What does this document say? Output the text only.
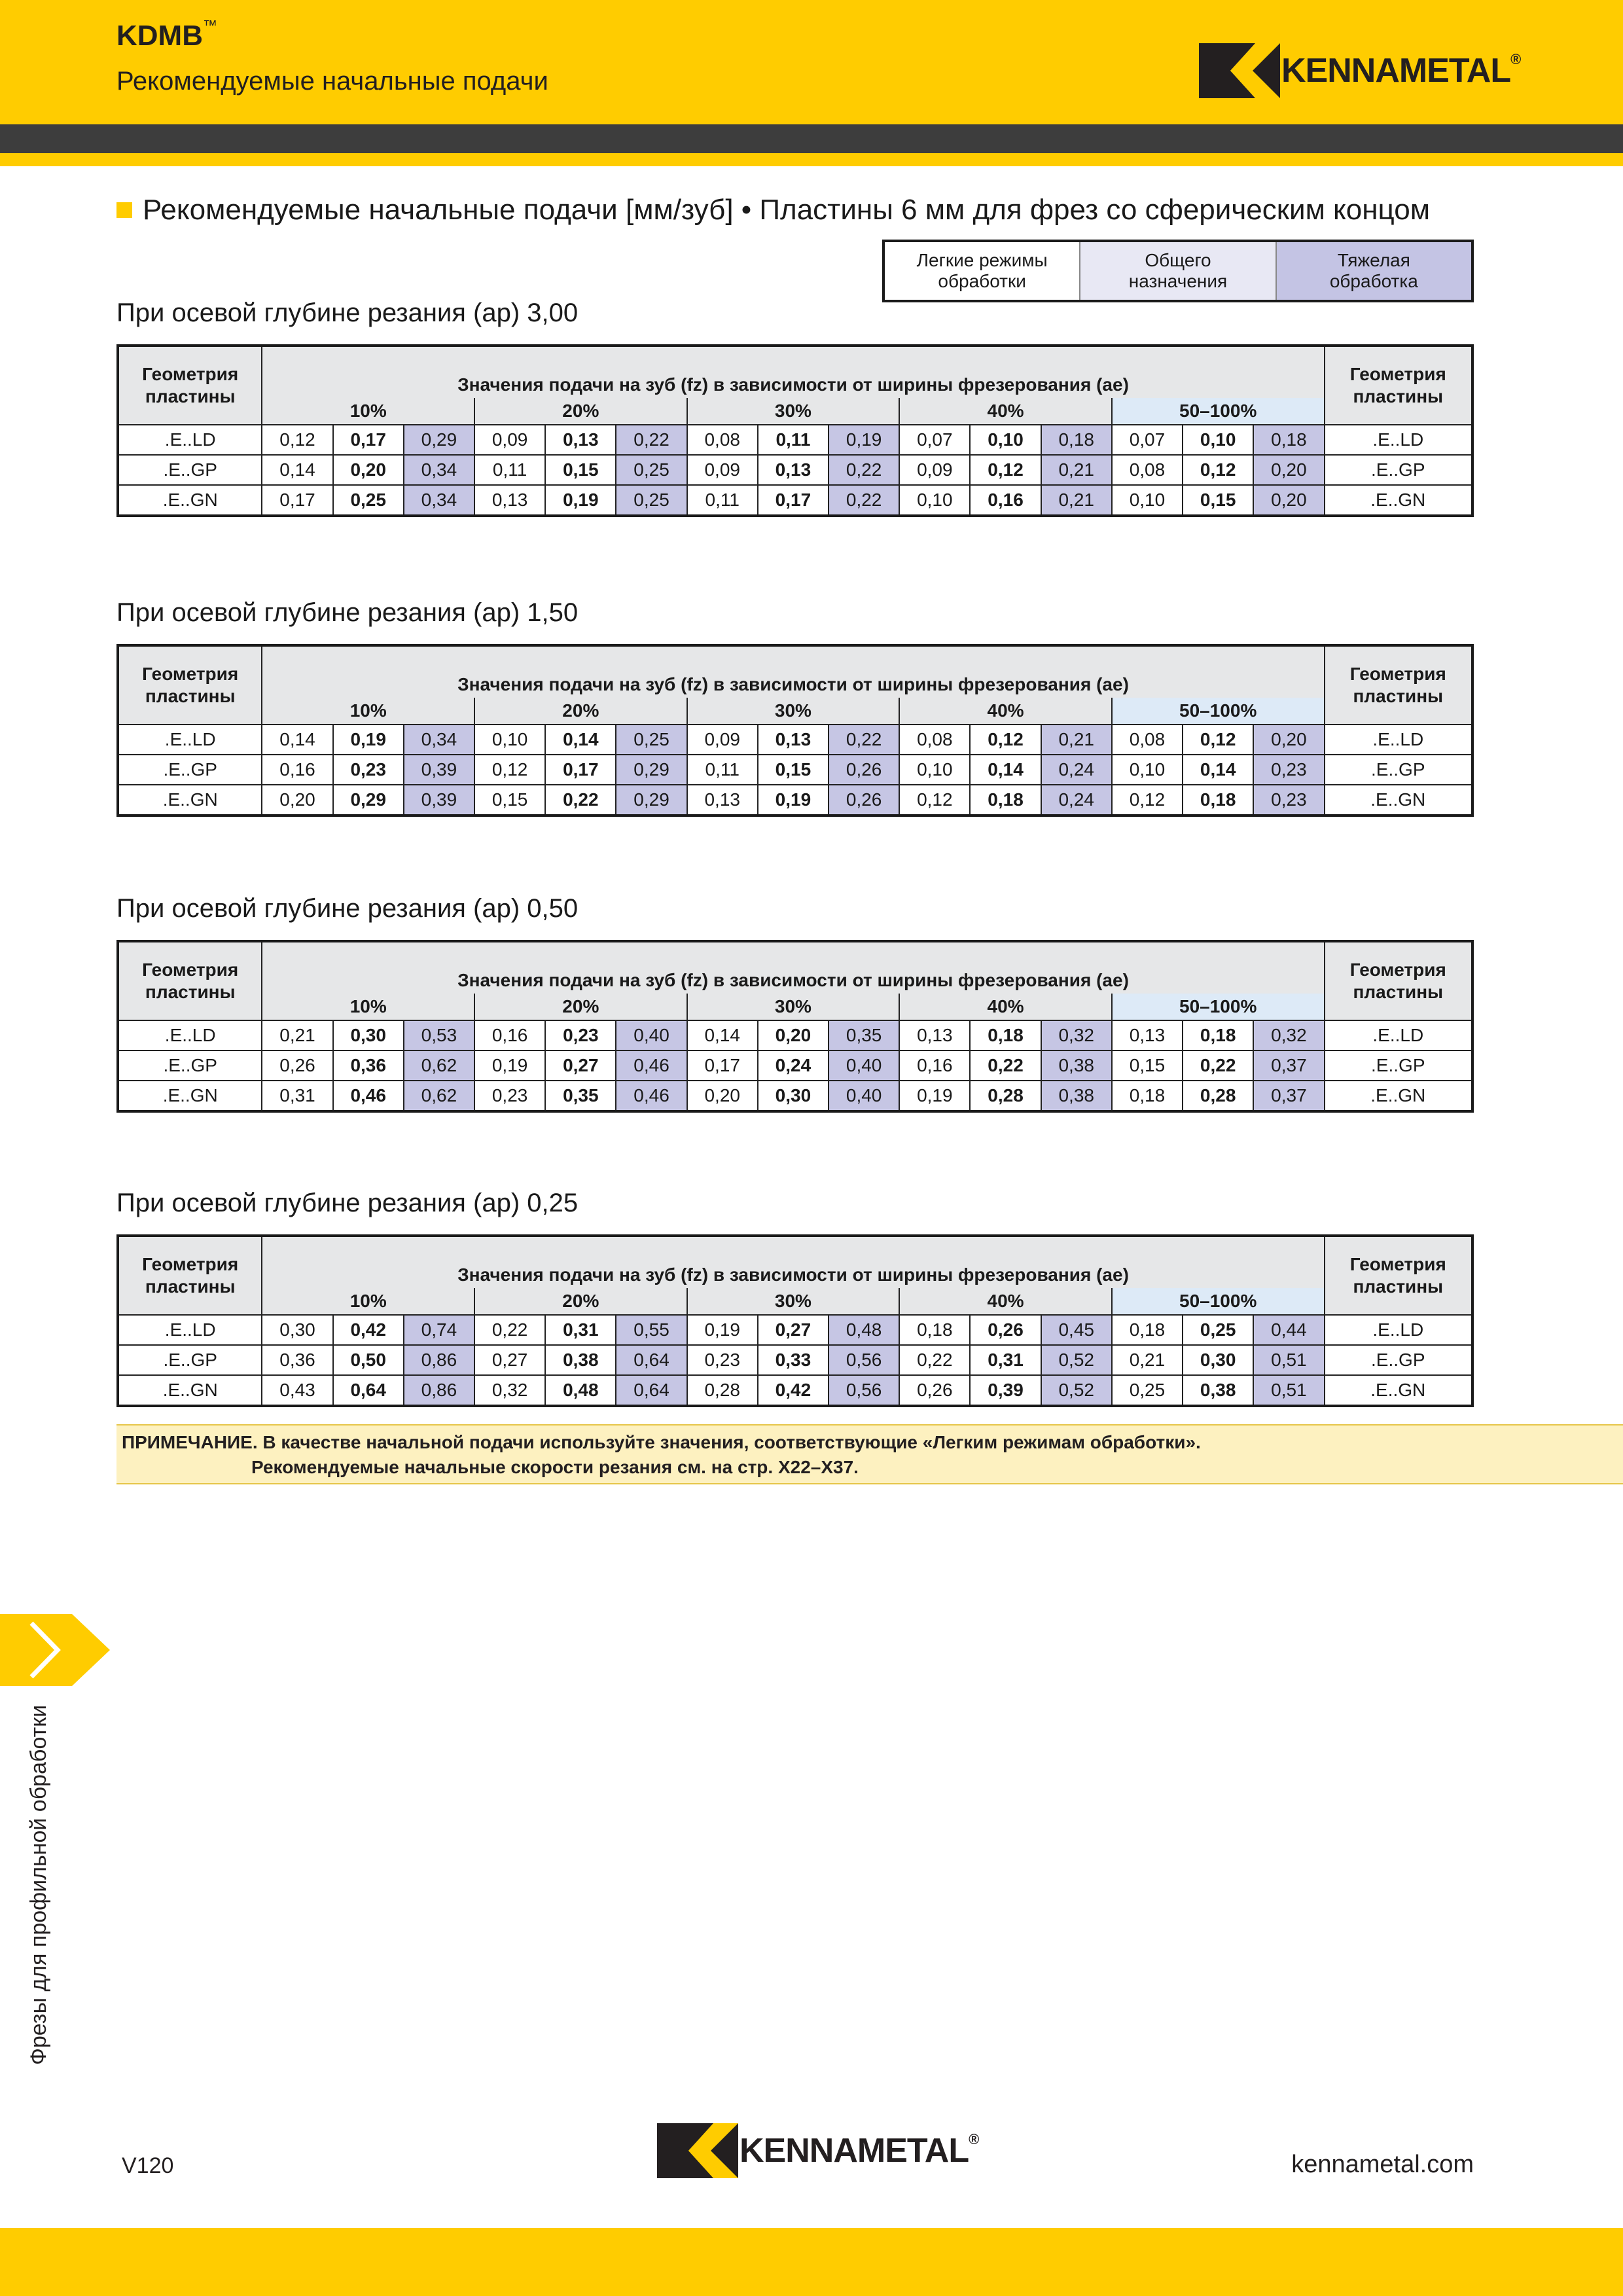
KDMB™
Рекомендуемые начальные подачи	KENNAMETAL®
Рекомендуемые начальные подачи [мм/зуб] • Пластины 6 мм для фрез со сферическим концом
Легкие режимы
обработки
Общего
назначения
Тяжелая
обработка
При осевой глубине резания (ap) 3,00
Геометрия
пластины	Значения подачи на зуб (fz) в зависимости от ширины фрезерования (ae)															Геометрия
пластины
	10%			20%			30%			40%			50–100%			
.E..LD	0,12	0,17	0,29	0,09	0,13	0,22	0,08	0,11	0,19	0,07	0,10	0,18	0,07	0,10	0,18	.E..LD
.E..GP	0,14	0,20	0,34	0,11	0,15	0,25	0,09	0,13	0,22	0,09	0,12	0,21	0,08	0,12	0,20	.E..GP
.E..GN	0,17	0,25	0,34	0,13	0,19	0,25	0,11	0,17	0,22	0,10	0,16	0,21	0,10	0,15	0,20	.E..GN
При осевой глубине резания (ap) 1,50
Геометрия
пластины	Значения подачи на зуб (fz) в зависимости от ширины фрезерования (ae)															Геометрия
пластины
	10%			20%			30%			40%			50–100%			
.E..LD	0,14	0,19	0,34	0,10	0,14	0,25	0,09	0,13	0,22	0,08	0,12	0,21	0,08	0,12	0,20	.E..LD
.E..GP	0,16	0,23	0,39	0,12	0,17	0,29	0,11	0,15	0,26	0,10	0,14	0,24	0,10	0,14	0,23	.E..GP
.E..GN	0,20	0,29	0,39	0,15	0,22	0,29	0,13	0,19	0,26	0,12	0,18	0,24	0,12	0,18	0,23	.E..GN
При осевой глубине резания (ap) 0,50
Геометрия
пластины	Значения подачи на зуб (fz) в зависимости от ширины фрезерования (ae)															Геометрия
пластины
	10%			20%			30%			40%			50–100%			
.E..LD	0,21	0,30	0,53	0,16	0,23	0,40	0,14	0,20	0,35	0,13	0,18	0,32	0,13	0,18	0,32	.E..LD
.E..GP	0,26	0,36	0,62	0,19	0,27	0,46	0,17	0,24	0,40	0,16	0,22	0,38	0,15	0,22	0,37	.E..GP
.E..GN	0,31	0,46	0,62	0,23	0,35	0,46	0,20	0,30	0,40	0,19	0,28	0,38	0,18	0,28	0,37	.E..GN
При осевой глубине резания (ap) 0,25
Геометрия
пластины	Значения подачи на зуб (fz) в зависимости от ширины фрезерования (ae)															Геометрия
пластины
	10%			20%			30%			40%			50–100%			
.E..LD	0,30	0,42	0,74	0,22	0,31	0,55	0,19	0,27	0,48	0,18	0,26	0,45	0,18	0,25	0,44	.E..LD
.E..GP	0,36	0,50	0,86	0,27	0,38	0,64	0,23	0,33	0,56	0,22	0,31	0,52	0,21	0,30	0,51	.E..GP
.E..GN	0,43	0,64	0,86	0,32	0,48	0,64	0,28	0,42	0,56	0,26	0,39	0,52	0,25	0,38	0,51	.E..GN
ПРИМЕЧАНИЕ. В качестве начальной подачи используйте значения, соответствующие «Легким режимам обработки».
Рекомендуемые начальные скорости резания см. на стр. X22–X37.
Фрезы для профильной обработки
V120	KENNAMETAL®
kennametal.com
